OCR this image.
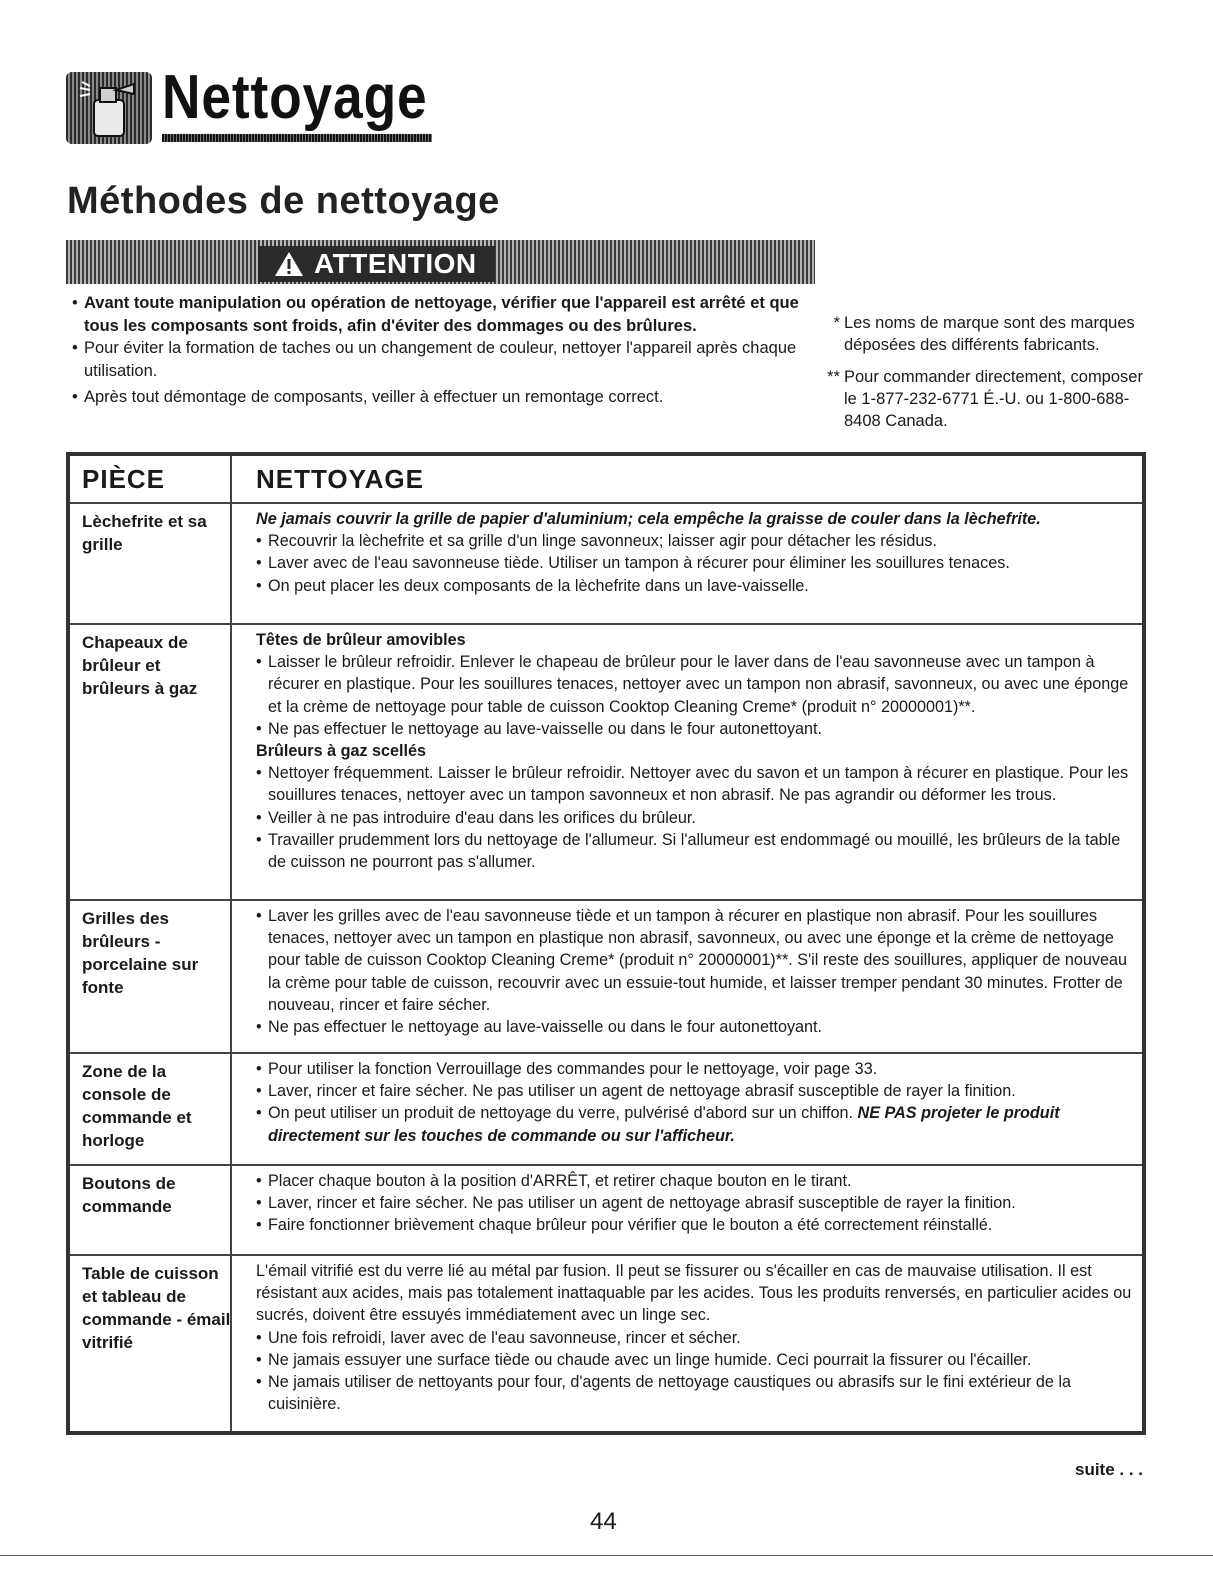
Nettoyage
Méthodes de nettoyage
ATTENTION
• Avant toute manipulation ou opération de nettoyage, vérifier que l'appareil est arrêté et que tous les composants sont froids, afin d'éviter des dommages ou des brûlures.
• Pour éviter la formation de taches ou un changement de couleur, nettoyer l'appareil après chaque utilisation.
• Après tout démontage de composants, veiller à effectuer un remontage correct.
* Les noms de marque sont des marques déposées des différents fabricants.
** Pour commander directement, composer le 1-877-232-6771 É.-U. ou 1-800-688-8408 Canada.
PIÈCE	NETTOYAGE
Lèchefrite et sa grille
Ne jamais couvrir la grille de papier d'aluminium; cela empêche la graisse de couler dans la lèchefrite.
• Recouvrir la lèchefrite et sa grille d'un linge savonneux; laisser agir pour détacher les résidus.
• Laver avec de l'eau savonneuse tiède. Utiliser un tampon à récurer pour éliminer les souillures tenaces.
• On peut placer les deux composants de la lèchefrite dans un lave-vaisselle.
Chapeaux de brûleur et brûleurs à gaz
Têtes de brûleur amovibles
• Laisser le brûleur refroidir. Enlever le chapeau de brûleur pour le laver dans de l'eau savonneuse avec un tampon à récurer en plastique. Pour les souillures tenaces, nettoyer avec un tampon non abrasif, savonneux, ou avec une éponge et la crème de nettoyage pour table de cuisson Cooktop Cleaning Creme* (produit n° 20000001)**.
• Ne pas effectuer le nettoyage au lave-vaisselle ou dans le four autonettoyant.
Brûleurs à gaz scellés
• Nettoyer fréquemment. Laisser le brûleur refroidir. Nettoyer avec du savon et un tampon à récurer en plastique. Pour les souillures tenaces, nettoyer avec un tampon savonneux et non abrasif. Ne pas agrandir ou déformer les trous.
• Veiller à ne pas introduire d'eau dans les orifices du brûleur.
• Travailler prudemment lors du nettoyage de l'allumeur. Si l'allumeur est endommagé ou mouillé, les brûleurs de la table de cuisson ne pourront pas s'allumer.
Grilles des brûleurs - porcelaine sur fonte
• Laver les grilles avec de l'eau savonneuse tiède et un tampon à récurer en plastique non abrasif. Pour les souillures tenaces, nettoyer avec un tampon en plastique non abrasif, savonneux, ou avec une éponge et la crème de nettoyage pour table de cuisson Cooktop Cleaning Creme* (produit n° 20000001)**. S'il reste des souillures, appliquer de nouveau la crème pour table de cuisson, recouvrir avec un essuie-tout humide, et laisser tremper pendant 30 minutes. Frotter de nouveau, rincer et faire sécher.
• Ne pas effectuer le nettoyage au lave-vaisselle ou dans le four autonettoyant.
Zone de la console de commande et horloge
• Pour utiliser la fonction Verrouillage des commandes pour le nettoyage, voir page 33.
• Laver, rincer et faire sécher. Ne pas utiliser un agent de nettoyage abrasif susceptible de rayer la finition.
• On peut utiliser un produit de nettoyage du verre, pulvérisé d'abord sur un chiffon. NE PAS projeter le produit directement sur les touches de commande ou sur l'afficheur.
Boutons de commande
• Placer chaque bouton à la position d'ARRÊT, et retirer chaque bouton en le tirant.
• Laver, rincer et faire sécher. Ne pas utiliser un agent de nettoyage abrasif susceptible de rayer la finition.
• Faire fonctionner brièvement chaque brûleur pour vérifier que le bouton a été correctement réinstallé.
Table de cuisson et tableau de commande - émail vitrifié
L'émail vitrifié est du verre lié au métal par fusion. Il peut se fissurer ou s'écailler en cas de mauvaise utilisation. Il est résistant aux acides, mais pas totalement inattaquable par les acides. Tous les produits renversés, en particulier acides ou sucrés, doivent être essuyés immédiatement avec un linge sec.
• Une fois refroidi, laver avec de l'eau savonneuse, rincer et sécher.
• Ne jamais essuyer une surface tiède ou chaude avec un linge humide. Ceci pourrait la fissurer ou l'écailler.
• Ne jamais utiliser de nettoyants pour four, d'agents de nettoyage caustiques ou abrasifs sur le fini extérieur de la cuisinière.
suite . . .
44
